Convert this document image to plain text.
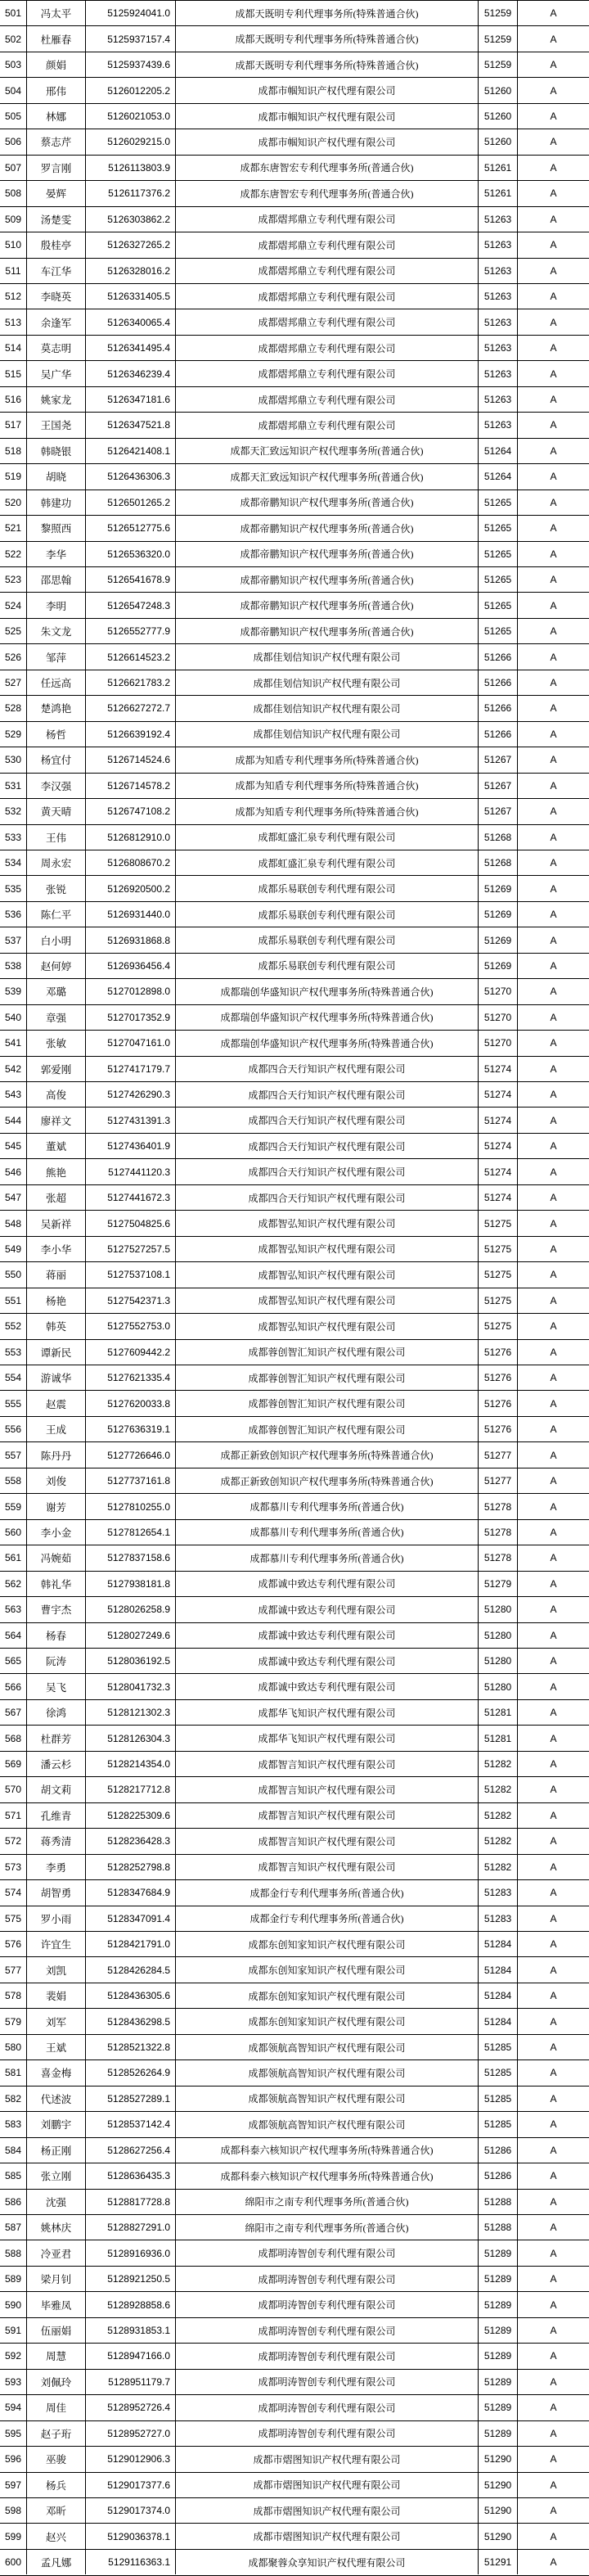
501	冯太平	5125924041.0	成都天既明专利代理事务所(特殊普通合伙)	51259	A
502	杜雁春	5125937157.4	成都天既明专利代理事务所(特殊普通合伙)	51259	A
503	颜娟	5125937439.6	成都天既明专利代理事务所(特殊普通合伙)	51259	A
504	邢伟	5126012205.2	成都市帼知识产权代理有限公司	51260	A
505	林娜	5126021053.0	成都市帼知识产权代理有限公司	51260	A
506	蔡志芹	5126029215.0	成都市帼知识产权代理有限公司	51260	A
507	罗言刚	5126113803.9	成都东唐智宏专利代理事务所(普通合伙)	51261	A
508	晏辉	5126117376.2	成都东唐智宏专利代理事务所(普通合伙)	51261	A
509	汤楚雯	5126303862.2	成都熠邦鼎立专利代理有限公司	51263	A
510	殷桂亭	5126327265.2	成都熠邦鼎立专利代理有限公司	51263	A
511	车江华	5126328016.2	成都熠邦鼎立专利代理有限公司	51263	A
512	李晓英	5126331405.5	成都熠邦鼎立专利代理有限公司	51263	A
513	余逢军	5126340065.4	成都熠邦鼎立专利代理有限公司	51263	A
514	莫志明	5126341495.4	成都熠邦鼎立专利代理有限公司	51263	A
515	吴广华	5126346239.4	成都熠邦鼎立专利代理有限公司	51263	A
516	姚家龙	5126347181.6	成都熠邦鼎立专利代理有限公司	51263	A
517	王国尧	5126347521.8	成都熠邦鼎立专利代理有限公司	51263	A
518	韩晓银	5126421408.1	成都天汇致远知识产权代理事务所(普通合伙)	51264	A
519	胡晓	5126436306.3	成都天汇致远知识产权代理事务所(普通合伙)	51264	A
520	韩建功	5126501265.2	成都帝鹏知识产权代理事务所(普通合伙)	51265	A
521	黎照西	5126512775.6	成都帝鹏知识产权代理事务所(普通合伙)	51265	A
522	李华	5126536320.0	成都帝鹏知识产权代理事务所(普通合伙)	51265	A
523	邵思翰	5126541678.9	成都帝鹏知识产权代理事务所(普通合伙)	51265	A
524	李明	5126547248.3	成都帝鹏知识产权代理事务所(普通合伙)	51265	A
525	朱文龙	5126552777.9	成都帝鹏知识产权代理事务所(普通合伙)	51265	A
526	邹萍	5126614523.2	成都佳划信知识产权代理有限公司	51266	A
527	任远高	5126621783.2	成都佳划信知识产权代理有限公司	51266	A
528	楚鸿艳	5126627272.7	成都佳划信知识产权代理有限公司	51266	A
529	杨哲	5126639192.4	成都佳划信知识产权代理有限公司	51266	A
530	杨宜付	5126714524.6	成都为知盾专利代理事务所(特殊普通合伙)	51267	A
531	李汉强	5126714578.2	成都为知盾专利代理事务所(特殊普通合伙)	51267	A
532	黄天晴	5126747108.2	成都为知盾专利代理事务所(特殊普通合伙)	51267	A
533	王伟	5126812910.0	成都虹盛汇泉专利代理有限公司	51268	A
534	周永宏	5126808670.2	成都虹盛汇泉专利代理有限公司	51268	A
535	张锐	5126920500.2	成都乐易联创专利代理有限公司	51269	A
536	陈仁平	5126931440.0	成都乐易联创专利代理有限公司	51269	A
537	白小明	5126931868.8	成都乐易联创专利代理有限公司	51269	A
538	赵何婷	5126936456.4	成都乐易联创专利代理有限公司	51269	A
539	邓璐	5127012898.0	成都瑞创华盛知识产权代理事务所(特殊普通合伙)	51270	A
540	章强	5127017352.9	成都瑞创华盛知识产权代理事务所(特殊普通合伙)	51270	A
541	张敏	5127047161.0	成都瑞创华盛知识产权代理事务所(特殊普通合伙)	51270	A
542	郭爱刚	5127417179.7	成都四合天行知识产权代理有限公司	51274	A
543	高俊	5127426290.3	成都四合天行知识产权代理有限公司	51274	A
544	廖祥文	5127431391.3	成都四合天行知识产权代理有限公司	51274	A
545	董斌	5127436401.9	成都四合天行知识产权代理有限公司	51274	A
546	熊艳	5127441120.3	成都四合天行知识产权代理有限公司	51274	A
547	张超	5127441672.3	成都四合天行知识产权代理有限公司	51274	A
548	吴新祥	5127504825.6	成都智弘知识产权代理有限公司	51275	A
549	李小华	5127527257.5	成都智弘知识产权代理有限公司	51275	A
550	蒋丽	5127537108.1	成都智弘知识产权代理有限公司	51275	A
551	杨艳	5127542371.3	成都智弘知识产权代理有限公司	51275	A
552	韩英	5127552753.0	成都智弘知识产权代理有限公司	51275	A
553	谭新民	5127609442.2	成都蓉创智汇知识产权代理有限公司	51276	A
554	游诚华	5127621335.4	成都蓉创智汇知识产权代理有限公司	51276	A
555	赵震	5127620033.8	成都蓉创智汇知识产权代理有限公司	51276	A
556	王成	5127636319.1	成都蓉创智汇知识产权代理有限公司	51276	A
557	陈丹丹	5127726646.0	成都正新致创知识产权代理事务所(特殊普通合伙)	51277	A
558	刘俊	5127737161.8	成都正新致创知识产权代理事务所(特殊普通合伙)	51277	A
559	谢芳	5127810255.0	成都慕川专利代理事务所(普通合伙)	51278	A
560	李小金	5127812654.1	成都慕川专利代理事务所(普通合伙)	51278	A
561	冯婉茹	5127837158.6	成都慕川专利代理事务所(普通合伙)	51278	A
562	韩礼华	5127938181.8	成都诚中致达专利代理有限公司	51279	A
563	曹宇杰	5128026258.9	成都诚中致达专利代理有限公司	51280	A
564	杨春	5128027249.6	成都诚中致达专利代理有限公司	51280	A
565	阮涛	5128036192.5	成都诚中致达专利代理有限公司	51280	A
566	吴飞	5128041732.3	成都诚中致达专利代理有限公司	51280	A
567	徐鸿	5128121302.3	成都华飞知识产权代理有限公司	51281	A
568	杜群芳	5128126304.3	成都华飞知识产权代理有限公司	51281	A
569	潘云杉	5128214354.0	成都智言知识产权代理有限公司	51282	A
570	胡文莉	5128217712.8	成都智言知识产权代理有限公司	51282	A
571	孔维青	5128225309.6	成都智言知识产权代理有限公司	51282	A
572	蒋秀清	5128236428.3	成都智言知识产权代理有限公司	51282	A
573	李勇	5128252798.8	成都智言知识产权代理有限公司	51282	A
574	胡智勇	5128347684.9	成都金行专利代理事务所(普通合伙)	51283	A
575	罗小雨	5128347091.4	成都金行专利代理事务所(普通合伙)	51283	A
576	许宜生	5128421791.0	成都东创知家知识产权代理有限公司	51284	A
577	刘凯	5128426284.5	成都东创知家知识产权代理有限公司	51284	A
578	裴娟	5128436305.6	成都东创知家知识产权代理有限公司	51284	A
579	刘军	5128436298.5	成都东创知家知识产权代理有限公司	51284	A
580	王斌	5128521322.8	成都领航高智知识产权代理有限公司	51285	A
581	喜金梅	5128526264.9	成都领航高智知识产权代理有限公司	51285	A
582	代述波	5128527289.1	成都领航高智知识产权代理有限公司	51285	A
583	刘鹏宇	5128537142.4	成都领航高智知识产权代理有限公司	51285	A
584	杨正刚	5128627256.4	成都科泰六核知识产权代理事务所(特殊普通合伙)	51286	A
585	张立刚	5128636435.3	成都科泰六核知识产权代理事务所(特殊普通合伙)	51286	A
586	沈强	5128817728.8	绵阳市之南专利代理事务所(普通合伙)	51288	A
587	姚林庆	5128827291.0	绵阳市之南专利代理事务所(普通合伙)	51288	A
588	冷亚君	5128916936.0	成都明涛智创专利代理有限公司	51289	A
589	梁月钊	5128921250.5	成都明涛智创专利代理有限公司	51289	A
590	毕雅凤	5128928858.6	成都明涛智创专利代理有限公司	51289	A
591	伍丽娟	5128931853.1	成都明涛智创专利代理有限公司	51289	A
592	周慧	5128947166.0	成都明涛智创专利代理有限公司	51289	A
593	刘佩玲	5128951179.7	成都明涛智创专利代理有限公司	51289	A
594	周佳	5128952726.4	成都明涛智创专利代理有限公司	51289	A
595	赵子珩	5128952727.0	成都明涛智创专利代理有限公司	51289	A
596	巫骏	5129012906.3	成都市熠图知识产权代理有限公司	51290	A
597	杨兵	5129017377.6	成都市熠图知识产权代理有限公司	51290	A
598	邓昕	5129017374.0	成都市熠图知识产权代理有限公司	51290	A
599	赵兴	5129036378.1	成都市熠图知识产权代理有限公司	51290	A
600	孟凡娜	5129116363.1	成都聚蓉众享知识产权代理有限公司	51291	A
